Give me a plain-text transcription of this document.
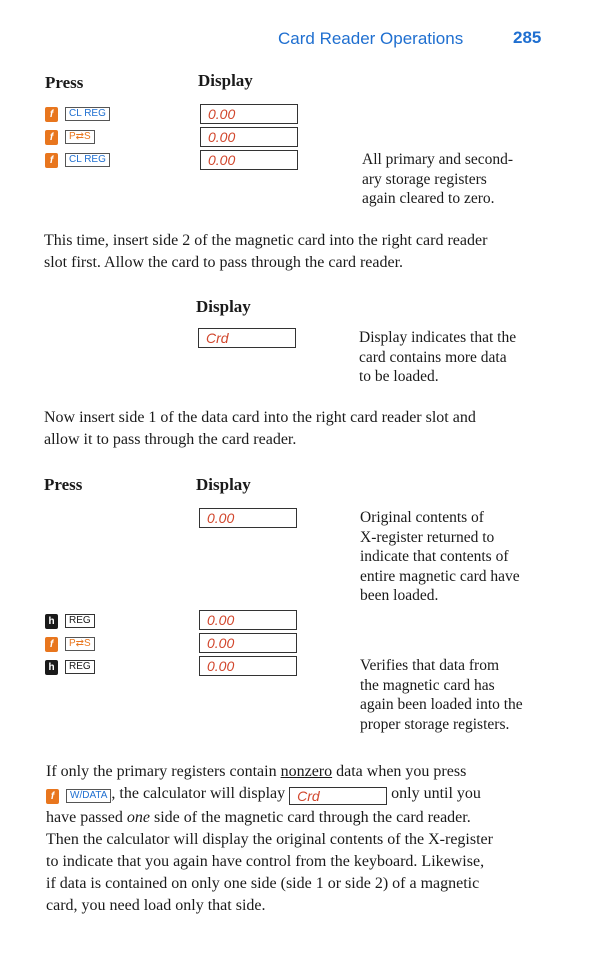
Card Reader Operations	285
Press	Display
f CL REG	0.00
f P⇄S	0.00
f CL REG	0.00	All primary and second-
ary storage registers
again cleared to zero.
This time, insert side 2 of the magnetic card into the right card reader
slot first. Allow the card to pass through the card reader.
Display
Crd	Display indicates that the
card contains more data
to be loaded.
Now insert side 1 of the data card into the right card reader slot and
allow it to pass through the card reader.
Press	Display
0.00	Original contents of
X-register returned to
indicate that contents of
entire magnetic card have
been loaded.
h REG	0.00
f P⇄S	0.00
h REG	0.00	Verifies that data from
the magnetic card has
again been loaded into the
proper storage registers.
If only the primary registers contain nonzero data when you press
f W/DATA , the calculator will display Crd	only until you
have passed one side of the magnetic card through the card reader.
Then the calculator will display the original contents of the X-register
to indicate that you again have control from the keyboard. Likewise,
if data is contained on only one side (side 1 or side 2) of a magnetic
card, you need load only that side.
